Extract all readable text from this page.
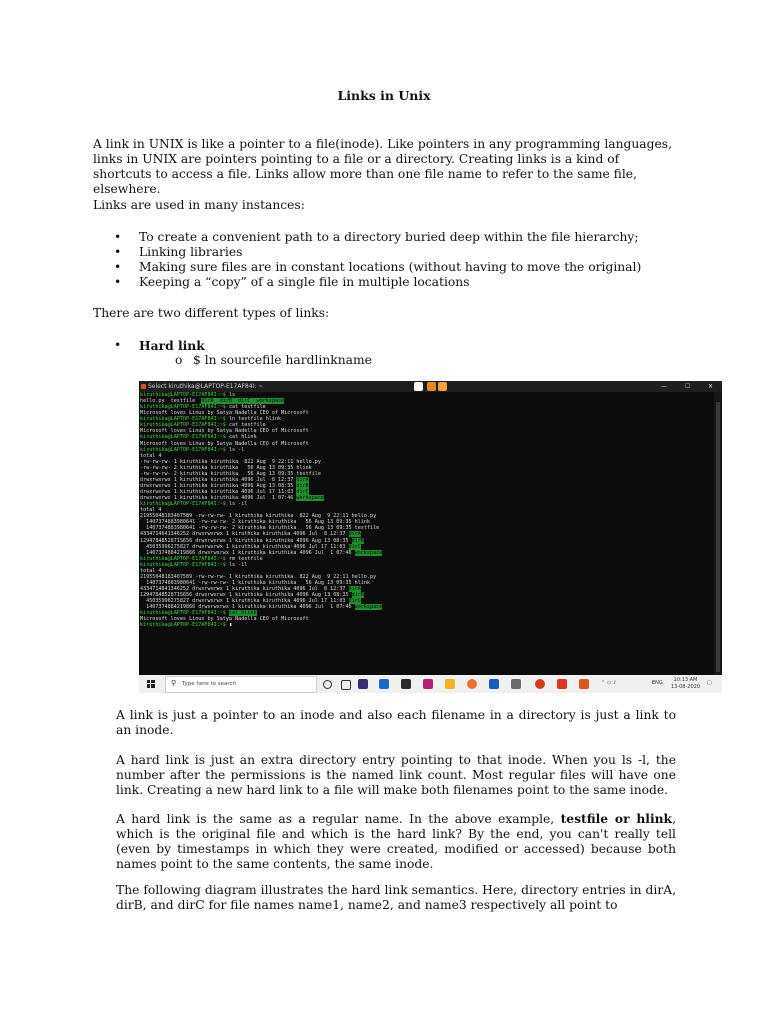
Links in Unix

A link in UNIX is like a pointer to a file(inode). Like pointers in any programming languages, links in UNIX are pointers pointing to a file or a directory. Creating links is a kind of shortcuts to access a file. Links allow more than one file name to refer to the same file, elsewhere.

Links are used in many instances:

• To create a convenient path to a directory buried deep within the file hierarchy;
• Linking libraries
• Making sure files are in constant locations (without having to move the original)
• Keeping a “copy” of a single file in multiple locations

There are two different types of links:

• Hard link
o $ ln sourcefile hardlinkname
Select kiruthika@LAPTOP-E17AF84I: ~	—	☐	✕
kiruthika@LAPTOP-E17AF84I:~$ ls
hello.py  testfile  dirA  dirB  dirC  workspace
kiruthika@LAPTOP-E17AF84I:~$ cat testfile
Microsoft loves Linux by Satya Nadella CEO of Microsoft
kiruthika@LAPTOP-E17AF84I:~$ ln testfile hlink
kiruthika@LAPTOP-E17AF84I:~$ cat testfile
Microsoft loves Linux by Satya Nadella CEO of Microsoft
kiruthika@LAPTOP-E17AF84I:~$ cat hlink
Microsoft loves Linux by Satya Nadella CEO of Microsoft
kiruthika@LAPTOP-E17AF84I:~$ ls -l
total 4
-rw-rw-rw- 1 kiruthika kiruthika  822 Aug  9 22:11 hello.py
-rw-rw-rw- 2 kiruthika kiruthika   56 Aug 13 09:35 hlink
-rw-rw-rw- 2 kiruthika kiruthika   56 Aug 13 09:35 testfile
drwxrwxrwx 1 kiruthika kiruthika 4096 Jul  8 12:37 dirA
drwxrwxrwx 1 kiruthika kiruthika 4096 Aug 13 08:35 dirB
drwxrwxrwx 1 kiruthika kiruthika 4096 Jul 17 11:03 dirC
drwxrwxrwx 1 kiruthika kiruthika 4096 Jul  1 07:46 workspace
kiruthika@LAPTOP-E17AF84I:~$ ls -il
total 4
21955048183407589 -rw-rw-rw- 1 kiruthika kiruthika  822 Aug  9 22:11 hello.py
1407374883980641 -rw-rw-rw- 2 kiruthika kiruthika   56 Aug 13 09:35 hlink
1407374883980641 -rw-rw-rw- 2 kiruthika kiruthika   56 Aug 13 09:35 testfile
4334714641346252 drwxrwxrwx 1 kiruthika kiruthika 4096 Jul  8 12:37 dirA
1294784852871S656 drwxrwxrwx 1 kiruthika kiruthika 4096 Aug 13 08:35 dirB
45035996275827 drwxrwxrwx 1 kiruthika kiruthika 4096 Jul 17 11:03 dirC
1407374884219866 drwxrwxrwx 1 kiruthika kiruthika 4096 Jul  1 07:46 workspace
kiruthika@LAPTOP-E17AF84I:~$ rm testfile
kiruthika@LAPTOP-E17AF84I:~$ ls -il
total 4
21955048183407589 -rw-rw-rw- 1 kiruthika kiruthika  822 Aug  9 22:11 hello.py
1407374883980641 -rw-rw-rw- 1 kiruthika kiruthika   56 Aug 13 09:35 hlink
4334714641346252 drwxrwxrwx 1 kiruthika kiruthika 4096 Jul  8 12:37 dirA
1294784852871S656 drwxrwxrwx 1 kiruthika kiruthika 4096 Aug 13 08:35 dirB
45035996275827 drwxrwxrwx 1 kiruthika kiruthika 4096 Jul 17 11:03 dirC
1407374884219866 drwxrwxrwx 1 kiruthika kiruthika 4096 Jul  1 07:46 workspace
kiruthika@LAPTOP-E17AF84I:~$ cat hlink
Microsoft loves Linux by Satya Nadella CEO of Microsoft
kiruthika@LAPTOP-E17AF84I:~$ ▮
⚲ Type here to search	⌃ ▭ ♪	ENG	10:13 AM
13-08-2020
▢

A link is just a pointer to an inode and also each filename in a directory is just a link to an inode.

A hard link is just an extra directory entry pointing to that inode. When you ls -l, the number after the permissions is the named link count. Most regular files will have one link. Creating a new hard link to a file will make both filenames point to the same inode.

A hard link is the same as a regular name. In the above example, testfile or hlink, which is the original file and which is the hard link? By the end, you can't really tell (even by timestamps in which they were created, modified or accessed) because both names point to the same contents, the same inode.

The following diagram illustrates the hard link semantics. Here, directory entries in dirA, dirB, and dirC for file names name1, name2, and name3 respectively all point to
